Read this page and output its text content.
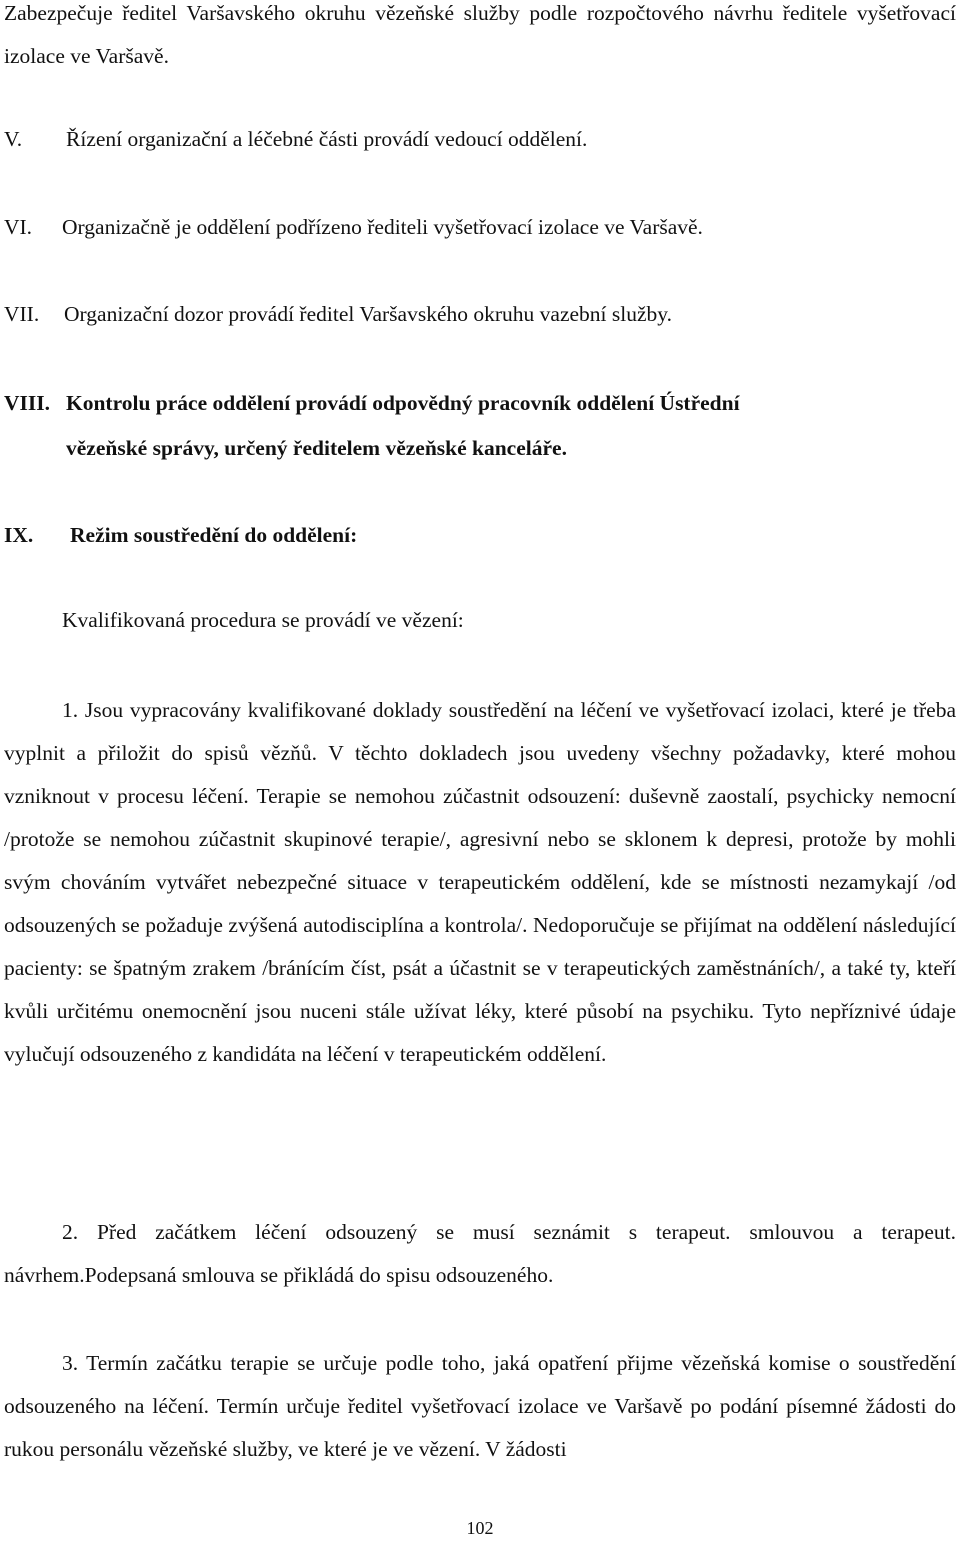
Zabezpečuje ředitel Varšavského okruhu vězeňské služby podle rozpočtového návrhu ředitele vyšetřovací izolace ve Varšavě.

V. Řízení organizační a léčebné části provádí vedoucí oddělení.

VI. Organizačně je oddělení podřízeno řediteli vyšetřovací izolace ve Varšavě.

VII. Organizační dozor provádí ředitel Varšavského okruhu vazební služby.

VIII. Kontrolu práce oddělení provádí odpovědný pracovník oddělení Ústřední

vězeňské správy, určený ředitelem vězeňské kanceláře.

IX. Režim soustředění do oddělení:

Kvalifikovaná procedura se provádí ve vězení:

1. Jsou vypracovány kvalifikované doklady soustředění na léčení ve vyšetřovací izolaci, které je třeba vyplnit a přiložit do spisů vězňů. V těchto dokladech jsou uvedeny všechny požadavky, které mohou vzniknout v procesu léčení. Terapie se nemohou zúčastnit odsouzení: duševně zaostalí, psychicky nemocní /protože se nemohou zúčastnit skupinové terapie/, agresivní nebo se sklonem k depresi, protože by mohli svým chováním vytvářet nebezpečné situace v terapeutickém oddělení, kde se místnosti nezamykají /od odsouzených se požaduje zvýšená autodisciplína a kontrola/. Nedoporučuje se přijímat na oddělení následující pacienty: se špatným zrakem /bránícím číst, psát a účastnit se v terapeutických zaměstnáních/, a také ty, kteří kvůli určitému onemocnění jsou nuceni stále užívat léky, které působí na psychiku. Tyto nepříznivé údaje vylučují odsouzeného z kandidáta na léčení v terapeutickém oddělení.

2. Před začátkem léčení odsouzený se musí seznámit s terapeut. smlouvou a terapeut. návrhem.Podepsaná smlouva se přikládá do spisu odsouzeného.

3. Termín začátku terapie se určuje podle toho, jaká opatření přijme vězeňská komise o soustředění odsouzeného na léčení. Termín určuje ředitel vyšetřovací izolace ve Varšavě po podání písemné žádosti do rukou personálu vězeňské služby, ve které je ve vězení. V žádosti

102
